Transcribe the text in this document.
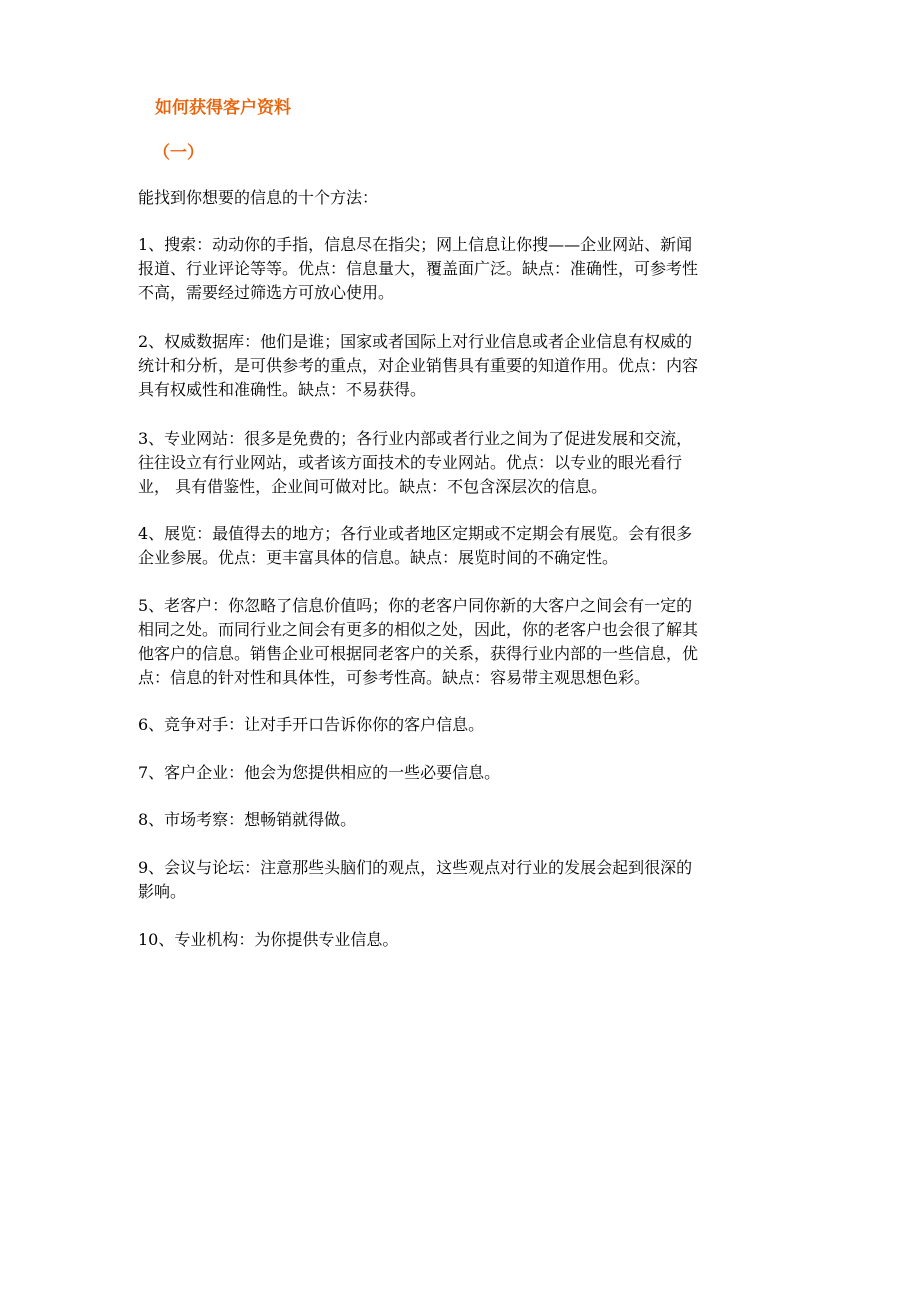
如何获得客户资料
（一）
能找到你想要的信息的十个方法：
1、搜索：动动你的手指，信息尽在指尖；网上信息让你搜——企业网站、新闻
报道、行业评论等等。优点：信息量大，覆盖面广泛。缺点：准确性，可参考性
不高，需要经过筛选方可放心使用。
2、权威数据库：他们是谁；国家或者国际上对行业信息或者企业信息有权威的
统计和分析，是可供参考的重点，对企业销售具有重要的知道作用。优点：内容
具有权威性和准确性。缺点：不易获得。
3、专业网站：很多是免费的；各行业内部或者行业之间为了促进发展和交流，
往往设立有行业网站，或者该方面技术的专业网站。优点：以专业的眼光看行
业， 具有借鉴性，企业间可做对比。缺点：不包含深层次的信息。
4、展览：最值得去的地方；各行业或者地区定期或不定期会有展览。会有很多
企业参展。优点：更丰富具体的信息。缺点：展览时间的不确定性。
5、老客户：你忽略了信息价值吗；你的老客户同你新的大客户之间会有一定的
相同之处。而同行业之间会有更多的相似之处，因此，你的老客户也会很了解其
他客户的信息。销售企业可根据同老客户的关系，获得行业内部的一些信息，优
点：信息的针对性和具体性，可参考性高。缺点：容易带主观思想色彩。
6、竞争对手：让对手开口告诉你你的客户信息。
7、客户企业：他会为您提供相应的一些必要信息。
8、市场考察：想畅销就得做。
9、会议与论坛：注意那些头脑们的观点，这些观点对行业的发展会起到很深的
影响。
10、专业机构：为你提供专业信息。
